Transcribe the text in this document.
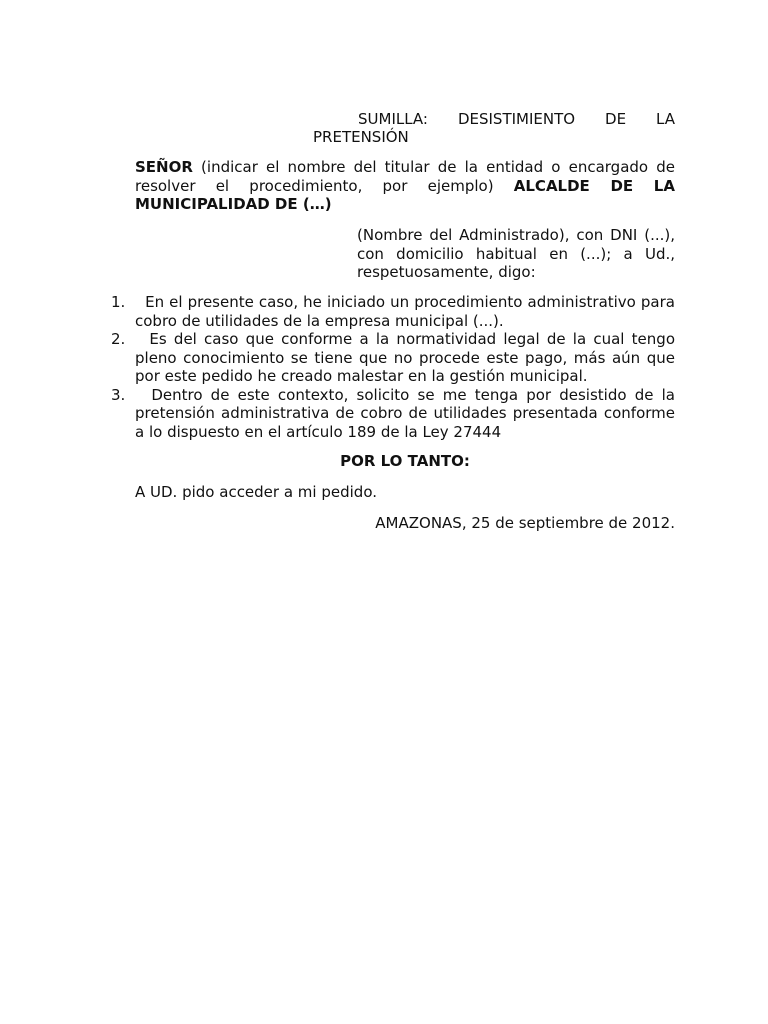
SUMILLA: DESISTIMIENTO DE LA
PRETENSIÓN

SEÑOR (indicar el nombre del titular de la entidad o encargado de resolver el procedimiento, por ejemplo) ALCALDE DE LA MUNICIPALIDAD DE (…)

(Nombre del Administrado), con DNI (...), con domicilio habitual en (...); a Ud., respetuosamente, digo:

1. En el presente caso, he iniciado un procedimiento administrativo para cobro de utilidades de la empresa municipal (...).
2. Es del caso que conforme a la normatividad legal de la cual tengo pleno conocimiento se tiene que no procede este pago, más aún que por este pedido he creado malestar en la gestión municipal.
3. Dentro de este contexto, solicito se me tenga por desistido de la pretensión administrativa de cobro de utilidades presentada conforme a lo dispuesto en el artículo 189 de la Ley 27444

POR LO TANTO:

A UD. pido acceder a mi pedido.

AMAZONAS, 25 de septiembre de 2012.
